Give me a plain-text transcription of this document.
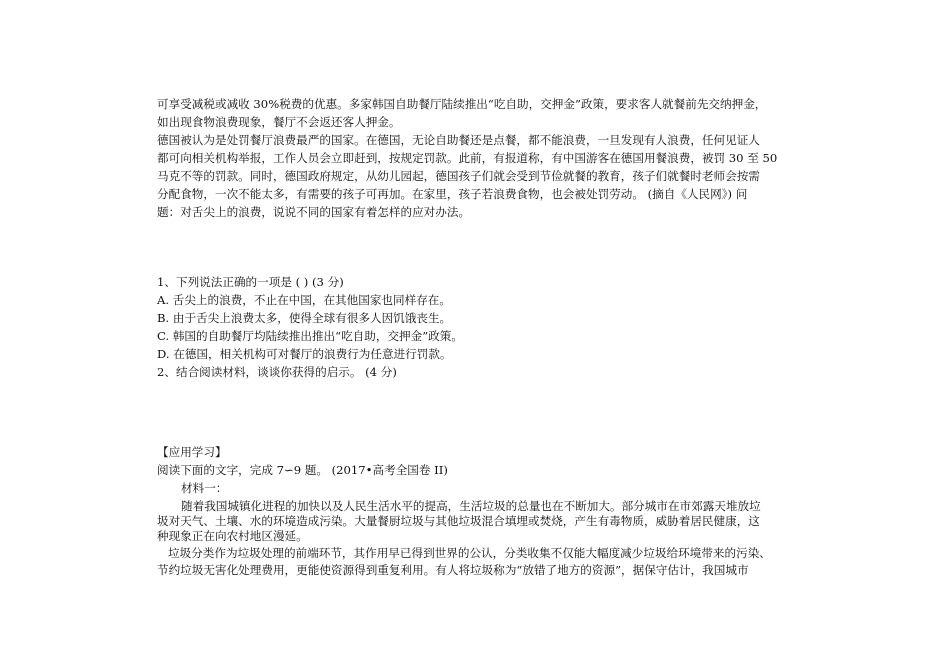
可享受减税或减收 30%税费的优惠。多家韩国自助餐厅陆续推出“吃自助，交押金”政策，要求客人就餐前先交纳押金，
如出现食物浪费现象，餐厅不会返还客人押金。
德国被认为是处罚餐厅浪费最严的国家。在德国，无论自助餐还是点餐，都不能浪费，一旦发现有人浪费，任何见证人
都可向相关机构举报，工作人员会立即赶到，按规定罚款。此前，有报道称，有中国游客在德国用餐浪费，被罚 30 至 50
马克不等的罚款。同时，德国政府规定，从幼儿园起，德国孩子们就会受到节俭就餐的教育，孩子们就餐时老师会按需
分配食物，一次不能太多，有需要的孩子可再加。在家里，孩子若浪费食物，也会被处罚劳动。 (摘自《人民网》) 问
题：对舌尖上的浪费，说说不同的国家有着怎样的应对办法。
1、下列说法正确的一项是 ( ) (3 分)
A. 舌尖上的浪费，不止在中国，在其他国家也同样存在。
B. 由于舌尖上浪费太多，使得全球有很多人因饥饿丧生。
C. 韩国的自助餐厅均陆续推出推出“吃自助，交押金”政策。
D. 在德国，相关机构可对餐厅的浪费行为任意进行罚款。
2、结合阅读材料，谈谈你获得的启示。 (4 分)
【应用学习】
阅读下面的文字，完成 7∽9 题。 (2017•高考全国卷 II)
材料一：
随着我国城镇化进程的加快以及人民生活水平的提高，生活垃圾的总量也在不断加大。部分城市在市郊露天堆放垃
圾对天气、土壤、水的环境造成污染。大量餐厨垃圾与其他垃圾混合填埋或焚烧，产生有毒物质，威胁着居民健康，这
种现象正在向农村地区漫延。
垃圾分类作为垃圾处理的前端环节，其作用早已得到世界的公认，分类收集不仅能大幅度减少垃圾给环境带来的污染、
节约垃圾无害化处理费用，更能使资源得到重复利用。有人将垃圾称为“放错了地方的资源”，据保守估计，我国城市
